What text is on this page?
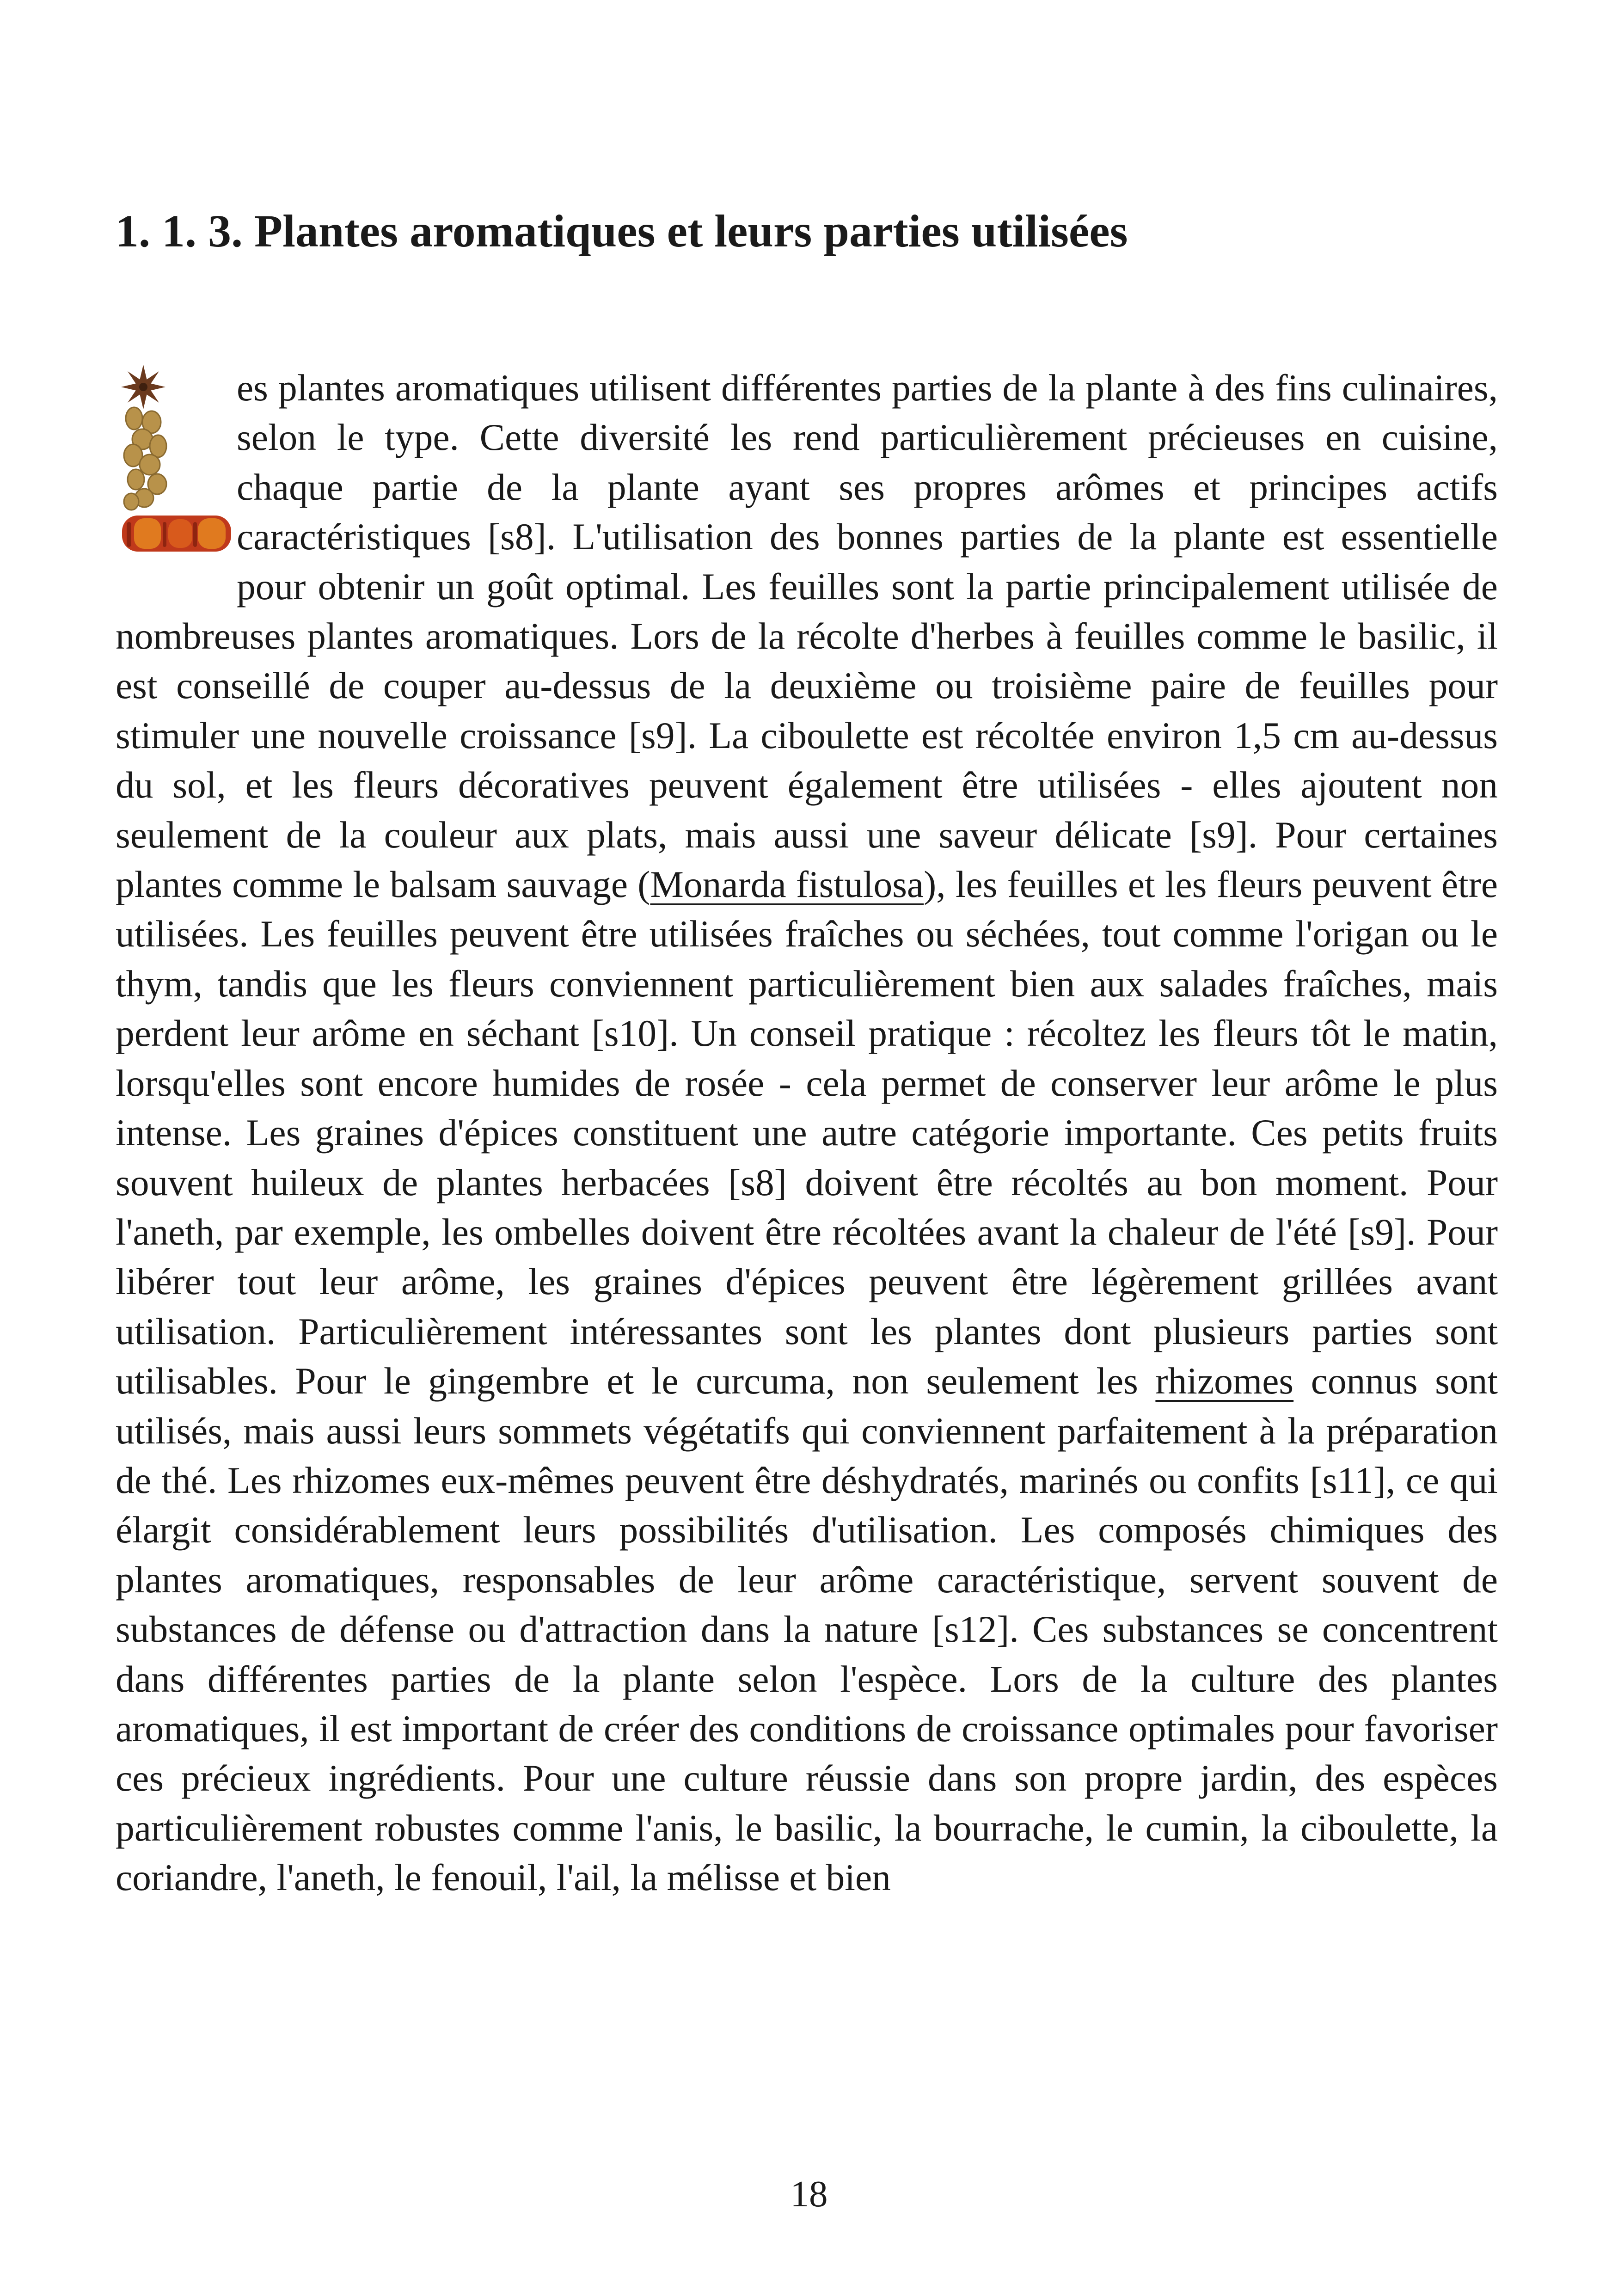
1. 1. 3. Plantes aromatiques et leurs parties utilisées

es plantes aromatiques utilisent différentes parties de la plante à des fins culinaires, selon le type. Cette diversité les rend particulièrement précieuses en cuisine, chaque partie de la plante ayant ses propres arômes et principes actifs caractéristiques [s8]. L'utilisation des bonnes parties de la plante est essentielle pour obtenir un goût optimal. Les feuilles sont la partie principalement utilisée de nombreuses plantes aromatiques. Lors de la récolte d'herbes à feuilles comme le basilic, il est conseillé de couper au-dessus de la deuxième ou troisième paire de feuilles pour stimuler une nouvelle croissance [s9]. La ciboulette est récoltée environ 1,5 cm au-dessus du sol, et les fleurs décoratives peuvent également être utilisées - elles ajoutent non seulement de la couleur aux plats, mais aussi une saveur délicate [s9]. Pour certaines plantes comme le balsam sauvage (Monarda fistulosa), les feuilles et les fleurs peuvent être utilisées. Les feuilles peuvent être utilisées fraîches ou séchées, tout comme l'origan ou le thym, tandis que les fleurs conviennent particulièrement bien aux salades fraîches, mais perdent leur arôme en séchant [s10]. Un conseil pratique : récoltez les fleurs tôt le matin, lorsqu'elles sont encore humides de rosée - cela permet de conserver leur arôme le plus intense. Les graines d'épices constituent une autre catégorie importante. Ces petits fruits souvent huileux de plantes herbacées [s8] doivent être récoltés au bon moment. Pour l'aneth, par exemple, les ombelles doivent être récoltées avant la chaleur de l'été [s9]. Pour libérer tout leur arôme, les graines d'épices peuvent être légèrement grillées avant utilisation. Particulièrement intéressantes sont les plantes dont plusieurs parties sont utilisables. Pour le gingembre et le curcuma, non seulement les rhizomes connus sont utilisés, mais aussi leurs sommets végétatifs qui conviennent parfaitement à la préparation de thé. Les rhizomes eux-mêmes peuvent être déshydratés, marinés ou confits [s11], ce qui élargit considérablement leurs possibilités d'utilisation. Les composés chimiques des plantes aromatiques, responsables de leur arôme caractéristique, servent souvent de substances de défense ou d'attraction dans la nature [s12]. Ces substances se concentrent dans différentes parties de la plante selon l'espèce. Lors de la culture des plantes aromatiques, il est important de créer des conditions de croissance optimales pour favoriser ces précieux ingrédients. Pour une culture réussie dans son propre jardin, des espèces particulièrement robustes comme l'anis, le basilic, la bourrache, le cumin, la ciboulette, la coriandre, l'aneth, le fenouil, l'ail, la mélisse et bien

18
